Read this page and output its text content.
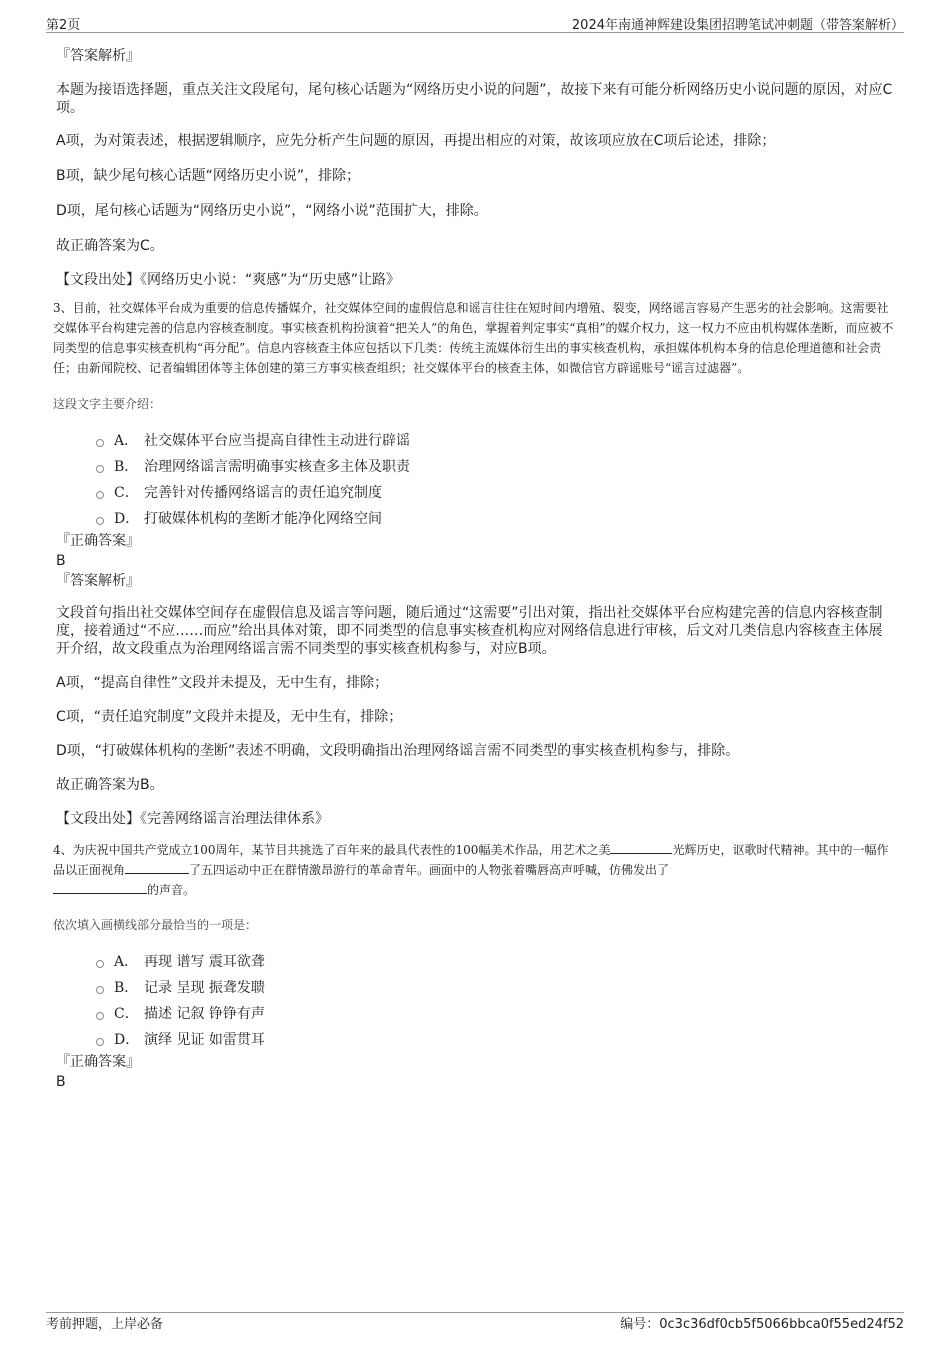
第2页	2024年南通神辉建设集团招聘笔试冲刺题（带答案解析）
『答案解析』

本题为接语选择题，重点关注文段尾句，尾句核心话题为“网络历史小说的问题”，故接下来有可能分析网络历史小说问题的原因，对应C项。

A项，为对策表述，根据逻辑顺序，应先分析产生问题的原因，再提出相应的对策，故该项应放在C项后论述，排除；

B项，缺少尾句核心话题“网络历史小说”，排除；

D项，尾句核心话题为“网络历史小说”，“网络小说”范围扩大，排除。

故正确答案为C。

【文段出处】《网络历史小说：“爽感”为“历史感”让路》

3、目前，社交媒体平台成为重要的信息传播媒介，社交媒体空间的虚假信息和谣言往往在短时间内增殖、裂变，网络谣言容易产生恶劣的社会影响。这需要社交媒体平台构建完善的信息内容核查制度。事实核查机构扮演着“把关人”的角色，掌握着判定事实“真相”的媒介权力，这一权力不应由机构媒体垄断，而应被不同类型的信息事实核查机构“再分配”。信息内容核查主体应包括以下几类：传统主流媒体衍生出的事实核查机构，承担媒体机构本身的信息伦理道德和社会责任；由新闻院校、记者编辑团体等主体创建的第三方事实核查组织；社交媒体平台的核查主体，如微信官方辟谣账号“谣言过滤器”。
这段文字主要介绍：
A． 社交媒体平台应当提高自律性主动进行辟谣
B． 治理网络谣言需明确事实核查多主体及职责
C． 完善针对传播网络谣言的责任追究制度
D． 打破媒体机构的垄断才能净化网络空间
『正确答案』
B
『答案解析』

文段首句指出社交媒体空间存在虚假信息及谣言等问题，随后通过“这需要”引出对策，指出社交媒体平台应构建完善的信息内容核查制度，接着通过“不应……而应”给出具体对策，即不同类型的信息事实核查机构应对网络信息进行审核，后文对几类信息内容核查主体展开介绍，故文段重点为治理网络谣言需不同类型的事实核查机构参与，对应B项。

A项，“提高自律性”文段并未提及，无中生有，排除；

C项，“责任追究制度”文段并未提及，无中生有，排除；

D项，“打破媒体机构的垄断”表述不明确，文段明确指出治理网络谣言需不同类型的事实核查机构参与，排除。

故正确答案为B。

【文段出处】《完善网络谣言治理法律体系》

4、为庆祝中国共产党成立100周年，某节目共挑选了百年来的最具代表性的100幅美术作品，用艺术之美	光辉历史，讴歌时代精神。其中的一幅作品以正面视角	了五四运动中正在群情激昂游行的革命青年。画面中的人物张着嘴唇高声呼喊，仿佛发出了
的声音。
依次填入画横线部分最恰当的一项是：
A． 再现 谱写 震耳欲聋
B． 记录 呈现 振聋发聩
C． 描述 记叙 铮铮有声
D． 演绎 见证 如雷贯耳
『正确答案』
B
考前押题，上岸必备	编号：0c3c36df0cb5f5066bbca0f55ed24f52
